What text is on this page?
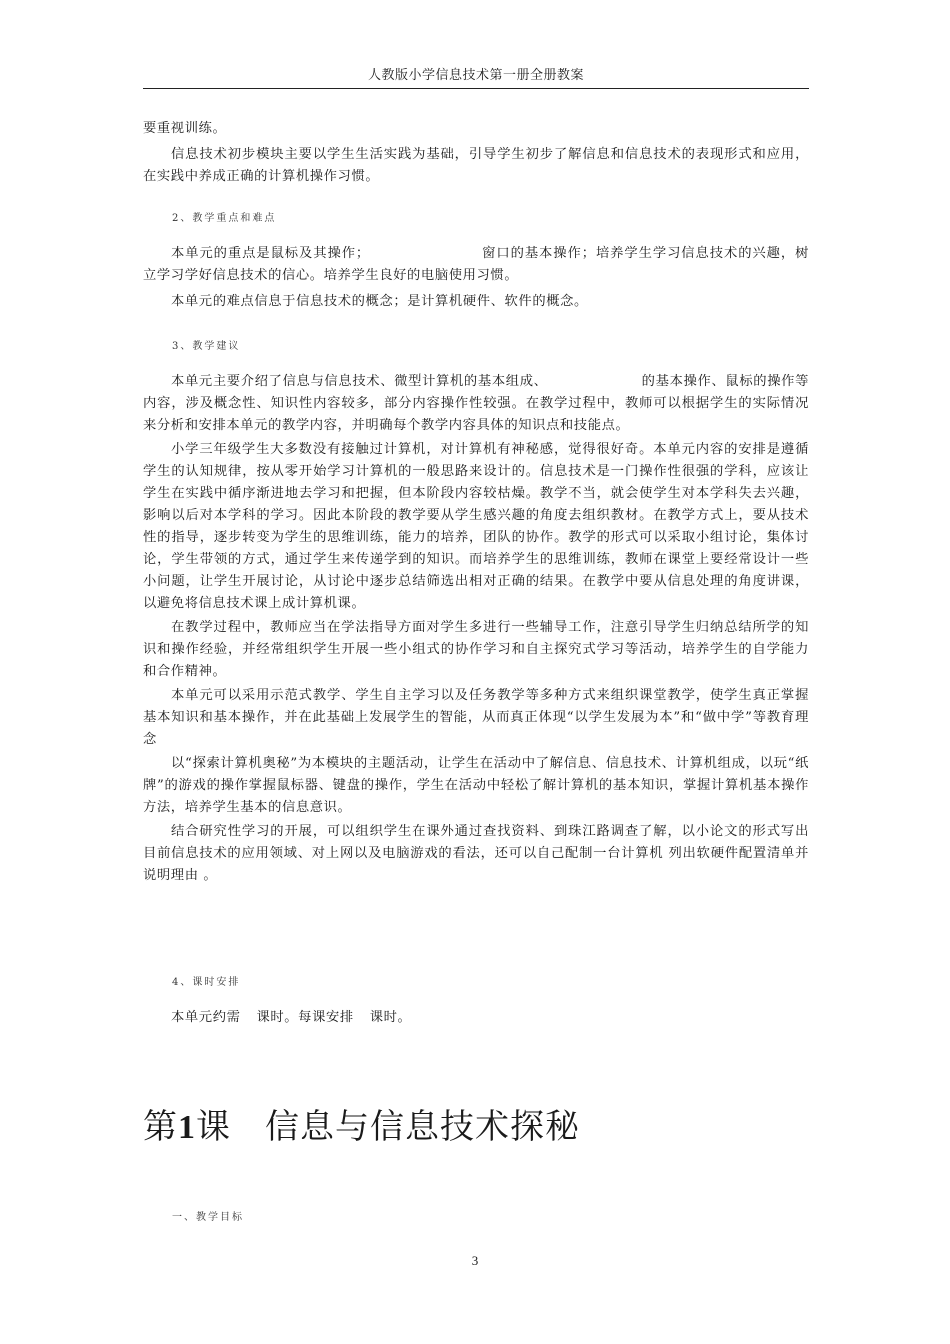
人教版小学信息技术第一册全册教案

要重视训练。

信息技术初步模块主要以学生生活实践为基础，引导学生初步了解信息和信息技术的表现形式和应用，在实践中养成正确的计算机操作习惯。

2、教学重点和难点

本单元的重点是鼠标及其操作；	窗口的基本操作；培养学生学习信息技术的兴趣，树立学习学好信息技术的信心。培养学生良好的电脑使用习惯。

本单元的难点信息于信息技术的概念；是计算机硬件、软件的概念。

3、教学建议

本单元主要介绍了信息与信息技术、微型计算机的基本组成、	的基本操作、鼠标的操作等内容，涉及概念性、知识性内容较多，部分内容操作性较强。在教学过程中，教师可以根据学生的实际情况来分析和安排本单元的教学内容，并明确每个教学内容具体的知识点和技能点。

小学三年级学生大多数没有接触过计算机，对计算机有神秘感，觉得很好奇。本单元内容的安排是遵循学生的认知规律，按从零开始学习计算机的一般思路来设计的。信息技术是一门操作性很强的学科，应该让学生在实践中循序渐进地去学习和把握，但本阶段内容较枯燥。教学不当，就会使学生对本学科失去兴趣，影响以后对本学科的学习。因此本阶段的教学要从学生感兴趣的角度去组织教材。在教学方式上，要从技术性的指导，逐步转变为学生的思维训练，能力的培养，团队的协作。教学的形式可以采取小组讨论，集体讨论，学生带领的方式，通过学生来传递学到的知识。而培养学生的思维训练，教师在课堂上要经常设计一些小问题，让学生开展讨论，从讨论中逐步总结筛选出相对正确的结果。在教学中要从信息处理的角度讲课，以避免将信息技术课上成计算机课。

在教学过程中，教师应当在学法指导方面对学生多进行一些辅导工作，注意引导学生归纳总结所学的知识和操作经验，并经常组织学生开展一些小组式的协作学习和自主探究式学习等活动，培养学生的自学能力和合作精神。

本单元可以采用示范式教学、学生自主学习以及任务教学等多种方式来组织课堂教学，使学生真正掌握基本知识和基本操作，并在此基础上发展学生的智能，从而真正体现“以学生发展为本”和“做中学”等教育理念

以“探索计算机奥秘”为本模块的主题活动，让学生在活动中了解信息、信息技术、计算机组成，以玩“纸牌”的游戏的操作掌握鼠标器、键盘的操作，学生在活动中轻松了解计算机的基本知识，掌握计算机基本操作方法，培养学生基本的信息意识。

结合研究性学习的开展，可以组织学生在课外通过查找资料、到珠江路调查了解，以小论文的形式写出目前信息技术的应用领域、对上网以及电脑游戏的看法，还可以自己配制一台计算机 列出软硬件配置清单并说明理由 。

4、课时安排

本单元约需 课时。每课安排 课时。

第1课 信息与信息技术探秘
一、教学目标
3
